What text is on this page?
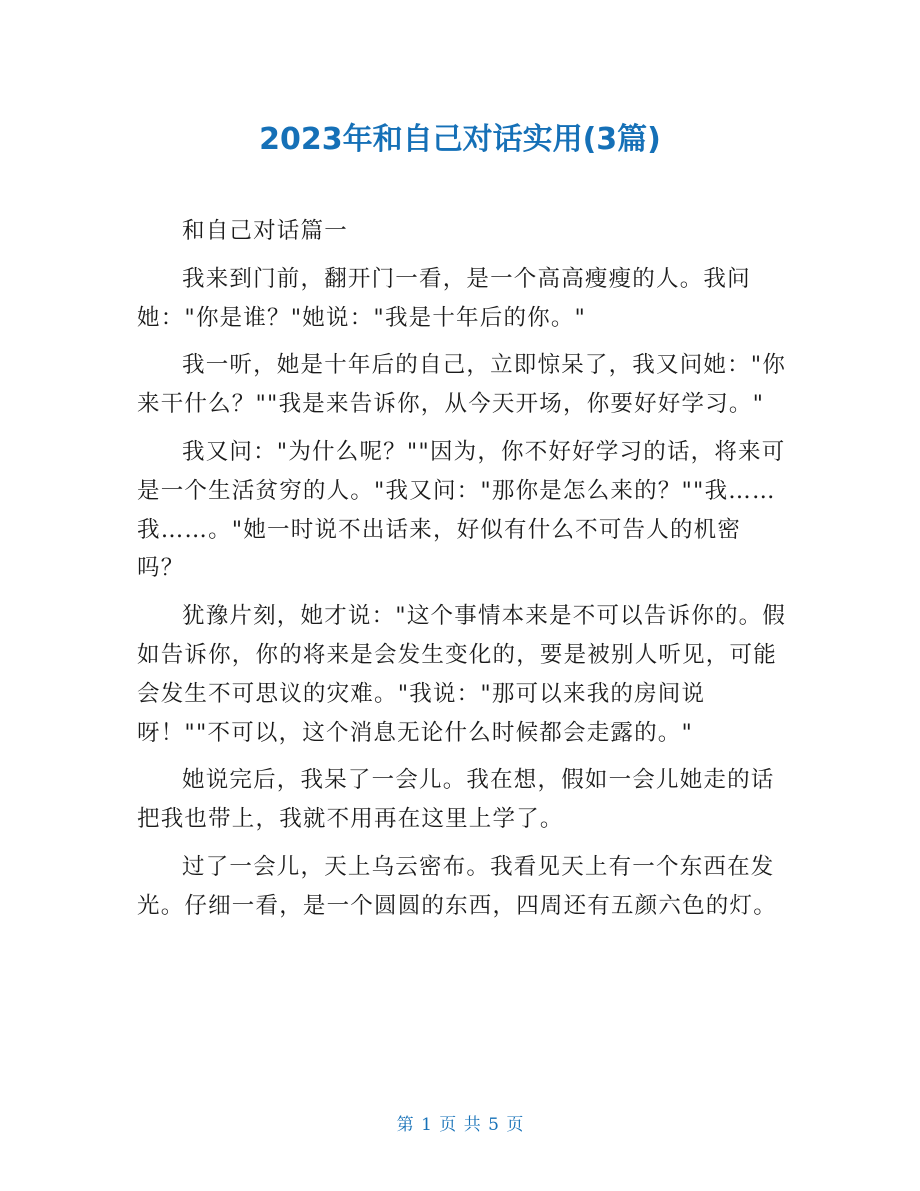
2023年和自己对话实用(3篇)

和自己对话篇一

我来到门前，翻开门一看，是一个高高瘦瘦的人。我问她："你是谁？"她说："我是十年后的你。"

我一听，她是十年后的自己，立即惊呆了，我又问她："你来干什么？""我是来告诉你，从今天开场，你要好好学习。"

我又问："为什么呢？""因为，你不好好学习的话，将来可是一个生活贫穷的人。"我又问："那你是怎么来的？""我……我……。"她一时说不出话来，好似有什么不可告人的机密吗？

犹豫片刻，她才说："这个事情本来是不可以告诉你的。假如告诉你，你的将来是会发生变化的，要是被别人听见，可能会发生不可思议的灾难。"我说："那可以来我的房间说呀！""不可以，这个消息无论什么时候都会走露的。"

她说完后，我呆了一会儿。我在想，假如一会儿她走的话把我也带上，我就不用再在这里上学了。

过了一会儿，天上乌云密布。我看见天上有一个东西在发光。仔细一看，是一个圆圆的东西，四周还有五颜六色的灯。

第 1 页 共 5 页
